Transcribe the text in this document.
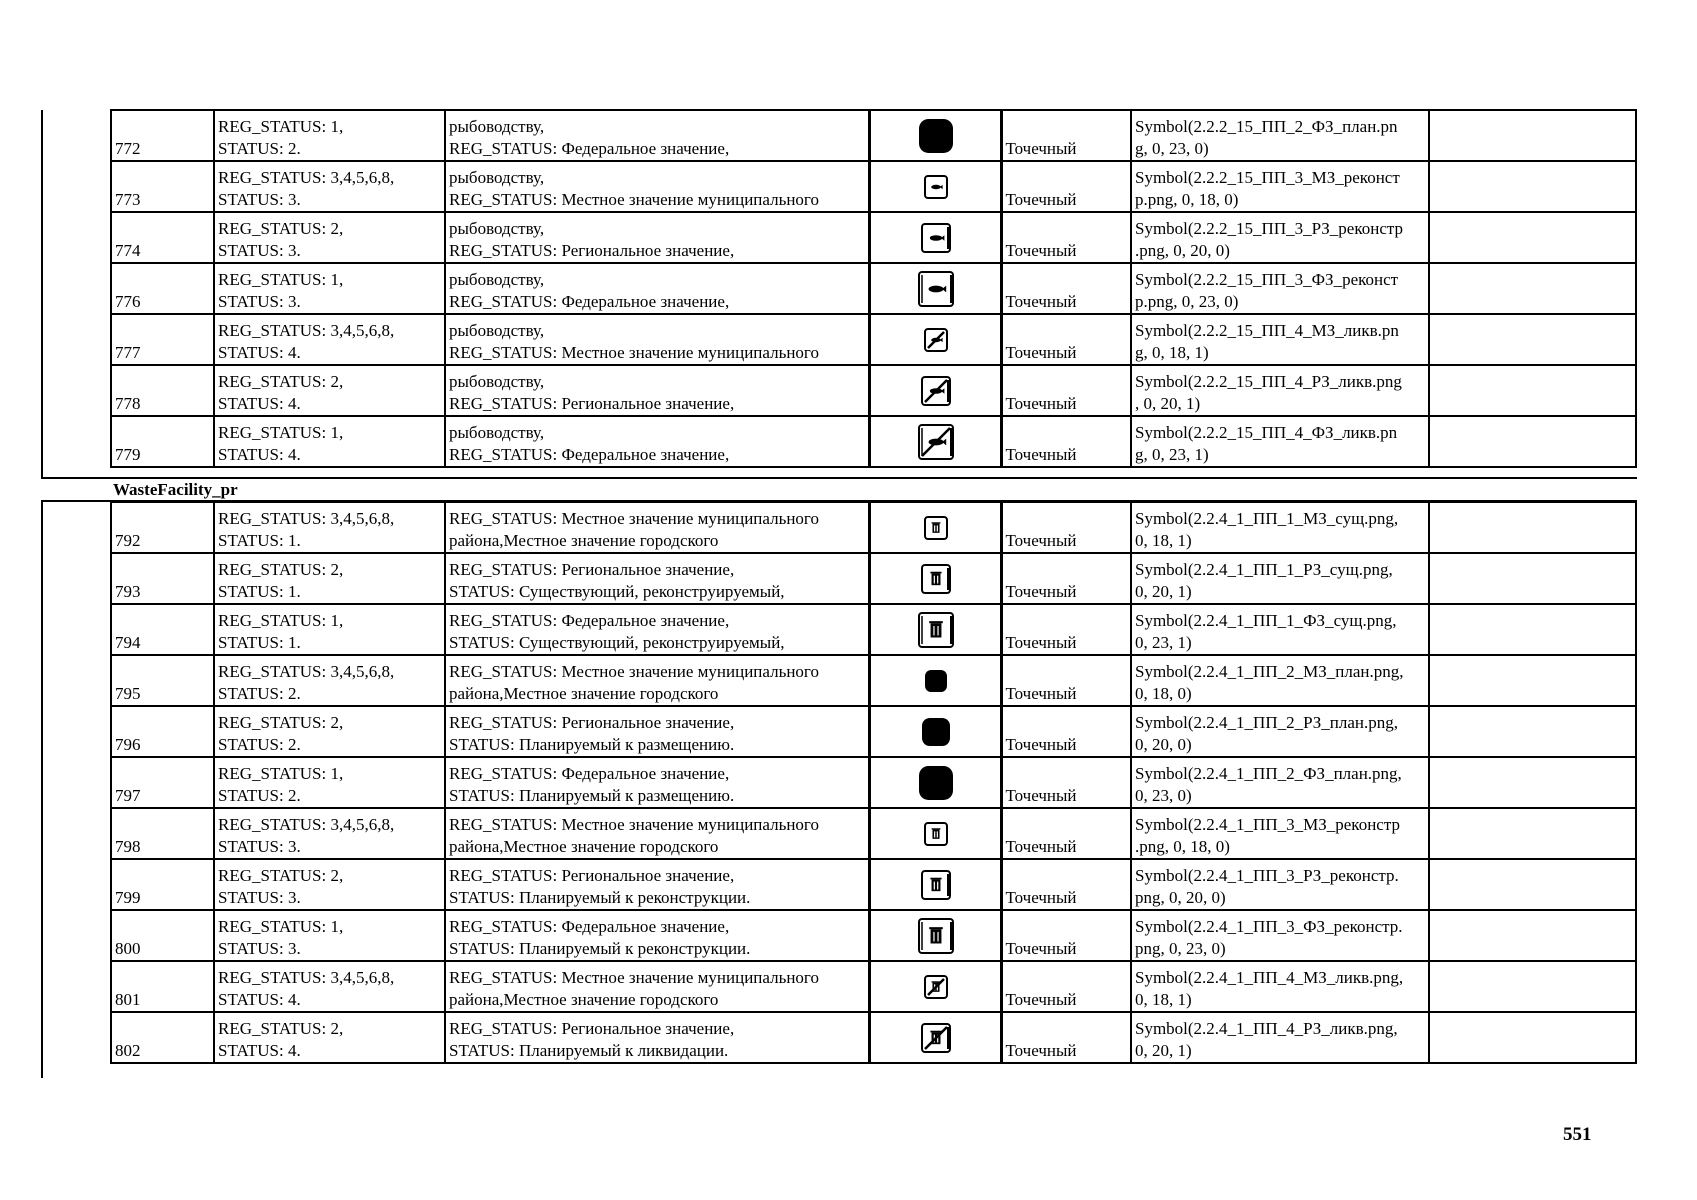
772	REG_STATUS: 1,
STATUS: 2.	рыбоводству,
REG_STATUS: Федеральное значение,		Точечный	Symbol(2.2.2_15_ПП_2_ФЗ_план.pn
g, 0, 23, 0)	

773	REG_STATUS: 3,4,5,6,8,
STATUS: 3.	рыбоводству,
REG_STATUS: Местное значение муниципального		Точечный	Symbol(2.2.2_15_ПП_3_МЗ_реконст
р.png, 0, 18, 0)	

774	REG_STATUS: 2,
STATUS: 3.	рыбоводству,
REG_STATUS: Региональное значение,		Точечный	Symbol(2.2.2_15_ПП_3_РЗ_реконстр
.png, 0, 20, 0)	

776	REG_STATUS: 1,
STATUS: 3.	рыбоводству,
REG_STATUS: Федеральное значение,		Точечный	Symbol(2.2.2_15_ПП_3_ФЗ_реконст
р.png, 0, 23, 0)	

777	REG_STATUS: 3,4,5,6,8,
STATUS: 4.	рыбоводству,
REG_STATUS: Местное значение муниципального		Точечный	Symbol(2.2.2_15_ПП_4_МЗ_ликв.pn
g, 0, 18, 1)	

778	REG_STATUS: 2,
STATUS: 4.	рыбоводству,
REG_STATUS: Региональное значение,		Точечный	Symbol(2.2.2_15_ПП_4_РЗ_ликв.png
, 0, 20, 1)	

779	REG_STATUS: 1,
STATUS: 4.	рыбоводству,
REG_STATUS: Федеральное значение,		Точечный	Symbol(2.2.2_15_ПП_4_ФЗ_ликв.pn
g, 0, 23, 1)	

WasteFacility_pr
792	REG_STATUS: 3,4,5,6,8,
STATUS: 1.	REG_STATUS: Местное значение муниципального
района,Местное значение городского		Точечный	Symbol(2.2.4_1_ПП_1_МЗ_сущ.png,
0, 18, 1)	

793	REG_STATUS: 2,
STATUS: 1.	REG_STATUS: Региональное значение,
STATUS: Существующий, реконструируемый,		Точечный	Symbol(2.2.4_1_ПП_1_РЗ_сущ.png,
0, 20, 1)	

794	REG_STATUS: 1,
STATUS: 1.	REG_STATUS: Федеральное значение,
STATUS: Существующий, реконструируемый,		Точечный	Symbol(2.2.4_1_ПП_1_ФЗ_сущ.png,
0, 23, 1)	

795	REG_STATUS: 3,4,5,6,8,
STATUS: 2.	REG_STATUS: Местное значение муниципального
района,Местное значение городского		Точечный	Symbol(2.2.4_1_ПП_2_МЗ_план.png,
0, 18, 0)	

796	REG_STATUS: 2,
STATUS: 2.	REG_STATUS: Региональное значение,
STATUS: Планируемый к размещению.		Точечный	Symbol(2.2.4_1_ПП_2_РЗ_план.png,
0, 20, 0)	

797	REG_STATUS: 1,
STATUS: 2.	REG_STATUS: Федеральное значение,
STATUS: Планируемый к размещению.		Точечный	Symbol(2.2.4_1_ПП_2_ФЗ_план.png,
0, 23, 0)	

798	REG_STATUS: 3,4,5,6,8,
STATUS: 3.	REG_STATUS: Местное значение муниципального
района,Местное значение городского		Точечный	Symbol(2.2.4_1_ПП_3_МЗ_реконстр
.png, 0, 18, 0)	

799	REG_STATUS: 2,
STATUS: 3.	REG_STATUS: Региональное значение,
STATUS: Планируемый к реконструкции.		Точечный	Symbol(2.2.4_1_ПП_3_РЗ_реконстр.
png, 0, 20, 0)	

800	REG_STATUS: 1,
STATUS: 3.	REG_STATUS: Федеральное значение,
STATUS: Планируемый к реконструкции.		Точечный	Symbol(2.2.4_1_ПП_3_ФЗ_реконстр.
png, 0, 23, 0)	

801	REG_STATUS: 3,4,5,6,8,
STATUS: 4.	REG_STATUS: Местное значение муниципального
района,Местное значение городского		Точечный	Symbol(2.2.4_1_ПП_4_МЗ_ликв.png,
0, 18, 1)	

802	REG_STATUS: 2,
STATUS: 4.	REG_STATUS: Региональное значение,
STATUS: Планируемый к ликвидации.		Точечный	Symbol(2.2.4_1_ПП_4_РЗ_ликв.png,
0, 20, 1)	

551
